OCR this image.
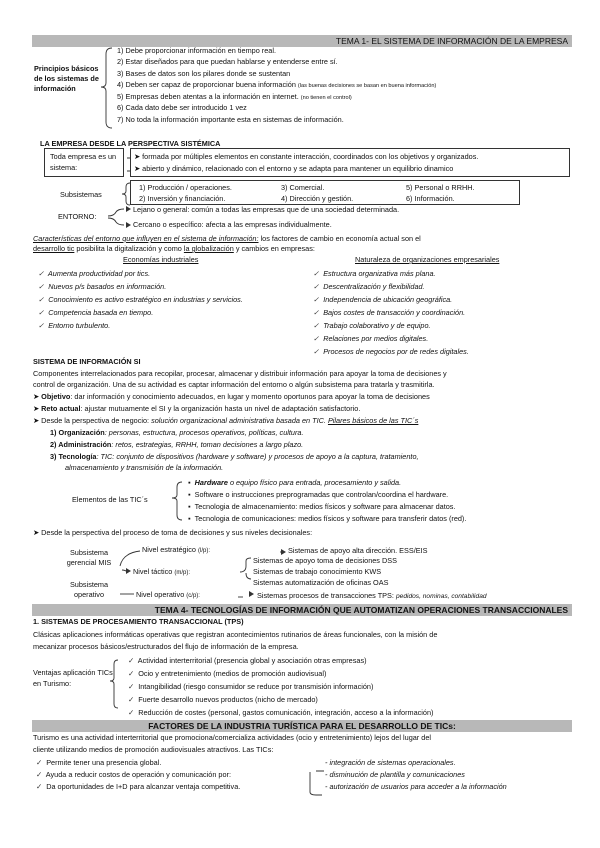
TEMA 1- EL SISTEMA DE INFORMACIÓN DE LA EMPRESA
Principios básicos de los sistemas de información
1) Debe proporcionar información en tiempo real.
2) Estar diseñados para que puedan hablarse y entenderse entre sí.
3) Bases de datos son los pilares donde se sustentan
4) Deben ser capaz de proporcionar buena información (las buenas decisiones se basan en buena información)
5) Empresas deben atentas a la información en internet. (no tienen el control)
6) Cada dato debe ser introducido 1 vez
7) No toda la información importante esta en sistemas de información.
LA EMPRESA DESDE LA PERSPECTIVA SISTÉMICA
Toda empresa es un sistema:
➤ formada por múltiples elementos en constante interacción, coordinados con los objetivos y organizados.
➤ abierto y dinámico, relacionado con el entorno y se adapta para mantener un equilibrio dinamico
Subsistemas
1) Producción / operaciones.	3) Comercial.	5) Personal o RRHH.
2) Inversión y financiación.	4) Dirección y gestión.	6) Información.
ENTORNO:
Lejano o general: común a todas las empresas que de una sociedad determinada.
Cercano o específico: afecta a las empresas individualmente.
Características del entorno que influyen en el sistema de información: los factores de cambio en economía actual son el
desarrollo tic posibilita la digitalización y como la globalización y cambios en empresas:
Economías industriales	Naturaleza de organizaciones empresariales
✓ Aumenta productividad por tics.
✓ Nuevos p/s basados en información.
✓ Conocimiento es activo estratégico en industrias y servicios.
✓ Competencia basada en tiempo.
✓ Entorno turbulento.
✓ Estructura organizativa más plana.
✓ Descentralización y flexibilidad.
✓ Independencia de ubicación geográfica.
✓ Bajos costes de transacción y coordinación.
✓ Trabajo colaborativo y de equipo.
✓ Relaciones por medios digitales.
✓ Procesos de negocios por de redes digitales.
SISTEMA DE INFORMACIÓN SI
Componentes interrelacionados para recopilar, procesar, almacenar y distribuir información para apoyar la toma de decisiones y
control de organización. Una de su actividad es captar información del entorno o algún subsistema para tratarla y trasmitirla.
➤ Objetivo: dar información y conocimiento adecuados, en lugar y momento oportunos para apoyar la toma de decisiones
➤ Reto actual: ajustar mutuamente el SI y la organización hasta un nivel de adaptación satisfactorio.
➤ Desde la perspectiva de negocio: solución organizacional administrativa basada en TIC. Pilares básicos de las TIC´s
1) Organización: personas, estructura, procesos operativos, políticas, cultura.
2) Administración: retos, estrategias, RRHH, toman decisiones a largo plazo.
3) Tecnología: TIC: conjunto de dispositivos (hardware y software) y procesos de apoyo a la captura, tratamiento,
almacenamiento y transmisión de la información.
Elementos de las TIC´s
▪  Hardware o equipo físico para entrada, procesamiento y salida.
▪  Software o instrucciones preprogramadas que controlan/coordina el hardware.
▪  Tecnologia de almacenamiento: medios físicos y software para almacenar datos.
▪  Tecnologia de comunicaciones: medios físicos y software para transferir datos (red).
➤ Desde la perspectiva del proceso de toma de decisiones y sus niveles decisionales:
Subsistema gerencial MIS
Subsistema operativo
Nivel estratégico (l/p):
Nivel táctico (m/p):
Nivel operativo (c/p):
Sistemas de apoyo alta dirección. ESS/EIS
Sistemas de apoyo toma de decisiones DSS
Sistemas de trabajo conocimiento KWS
Sistemas automatización de oficinas OAS
Sistemas procesos de transacciones TPS: pedidos, nominas, contabilidad
TEMA 4- TECNOLOGÍAS DE INFORMACIÓN QUE AUTOMATIZAN OPERACIONES TRANSACCIONALES
1. SISTEMAS DE PROCESAMIENTO TRANSACCIONAL (TPS)
Clásicas aplicaciones informáticas operativas que registran acontecimientos rutinarios de áreas funcionales, con la misión de
mecanizar procesos básicos/estructurados del flujo de información de la empresa.
Ventajas aplicación TICs en Turismo:
✓ Actividad interterritorial (presencia global y asociación otras empresas)
✓ Ocio y entretenimiento (medios de promoción audiovisual)
✓ Intangibilidad (riesgo consumidor se reduce por transmisión información)
✓ Fuerte desarrollo nuevos productos (nicho de mercado)
✓ Reducción de costes (personal, gastos comunicación, integración, acceso a la información)
FACTORES DE LA INDUSTRIA TURÍSTICA PARA EL DESARROLLO DE TICs:
Turismo es una actividad interterritorial que promociona/comercializa actividades (ocio y entretenimiento) lejos del lugar del
cliente utilizando medios de promoción audiovisuales atractivos. Las TICs:
✓ Permite tener una presencia global.
✓ Ayuda a reducir costos de operación y comunicación por:
✓ Da oportunidades de I+D para alcanzar ventaja competitiva.
- integración de sistemas operacionales.
- disminución de plantilla y comunicaciones
- autorización de usuarios para acceder a la información
